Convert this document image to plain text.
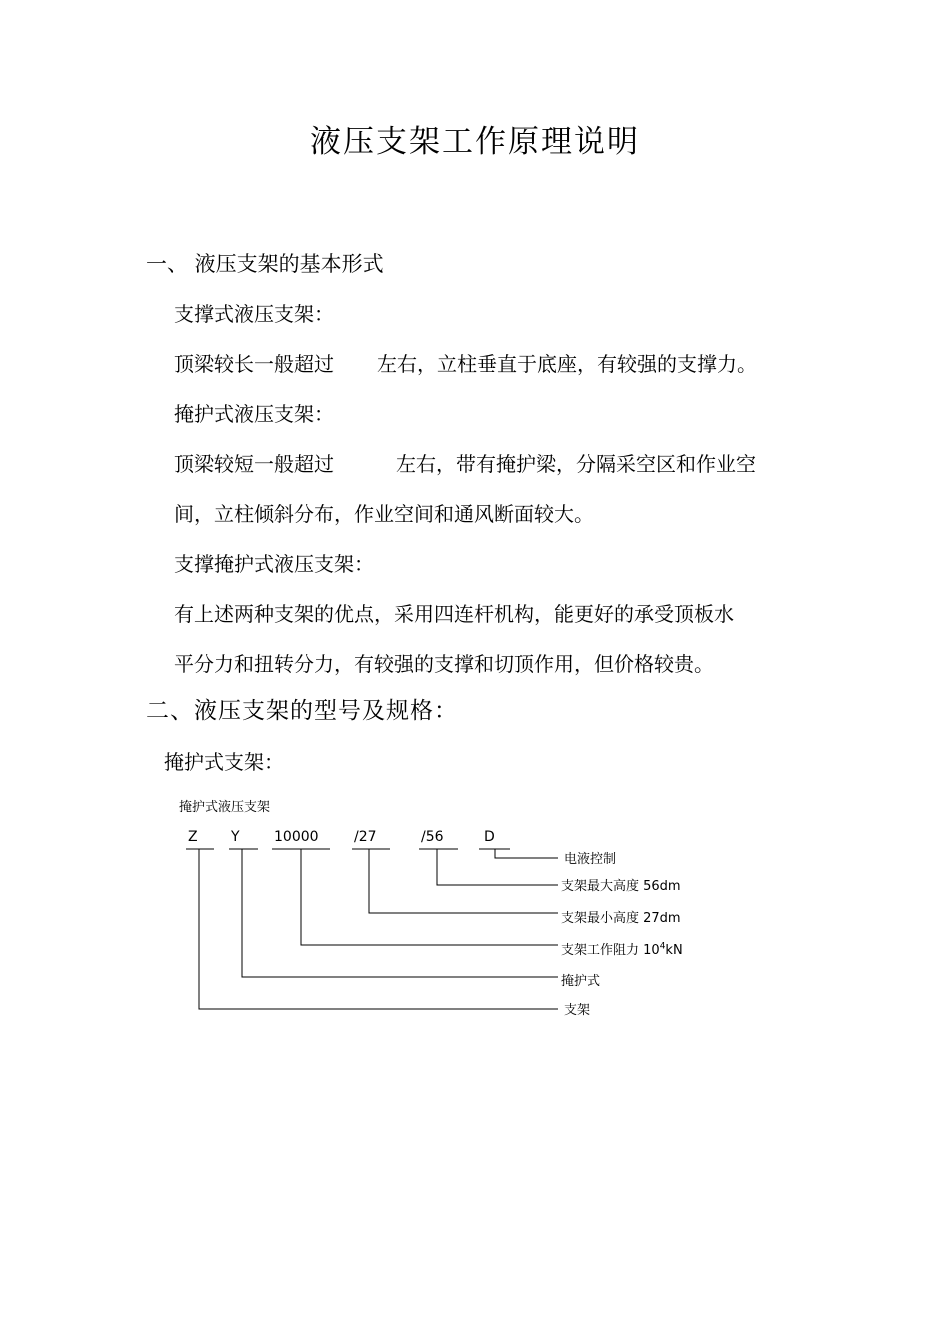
液压支架工作原理说明
一、 液压支架的基本形式
支撑式液压支架：
顶梁较长一般超过 左右，立柱垂直于底座，有较强的支撑力。
掩护式液压支架：
顶梁较短一般超过	左右，带有掩护梁，分隔采空区和作业空
间，立柱倾斜分布，作业空间和通风断面较大。
支撑掩护式液压支架：
有上述两种支架的优点，采用四连杆机构，能更好的承受顶板水
平分力和扭转分力，有较强的支撑和切顶作用，但价格较贵。
二、液压支架的型号及规格：
掩护式支架：
掩护式液压支架
Z Y 10000	/27	/56	D
电液控制
支架最大高度 56dm
支架最小高度 27dm
支架工作阻力 $10^4kN$
掩护式
支架
